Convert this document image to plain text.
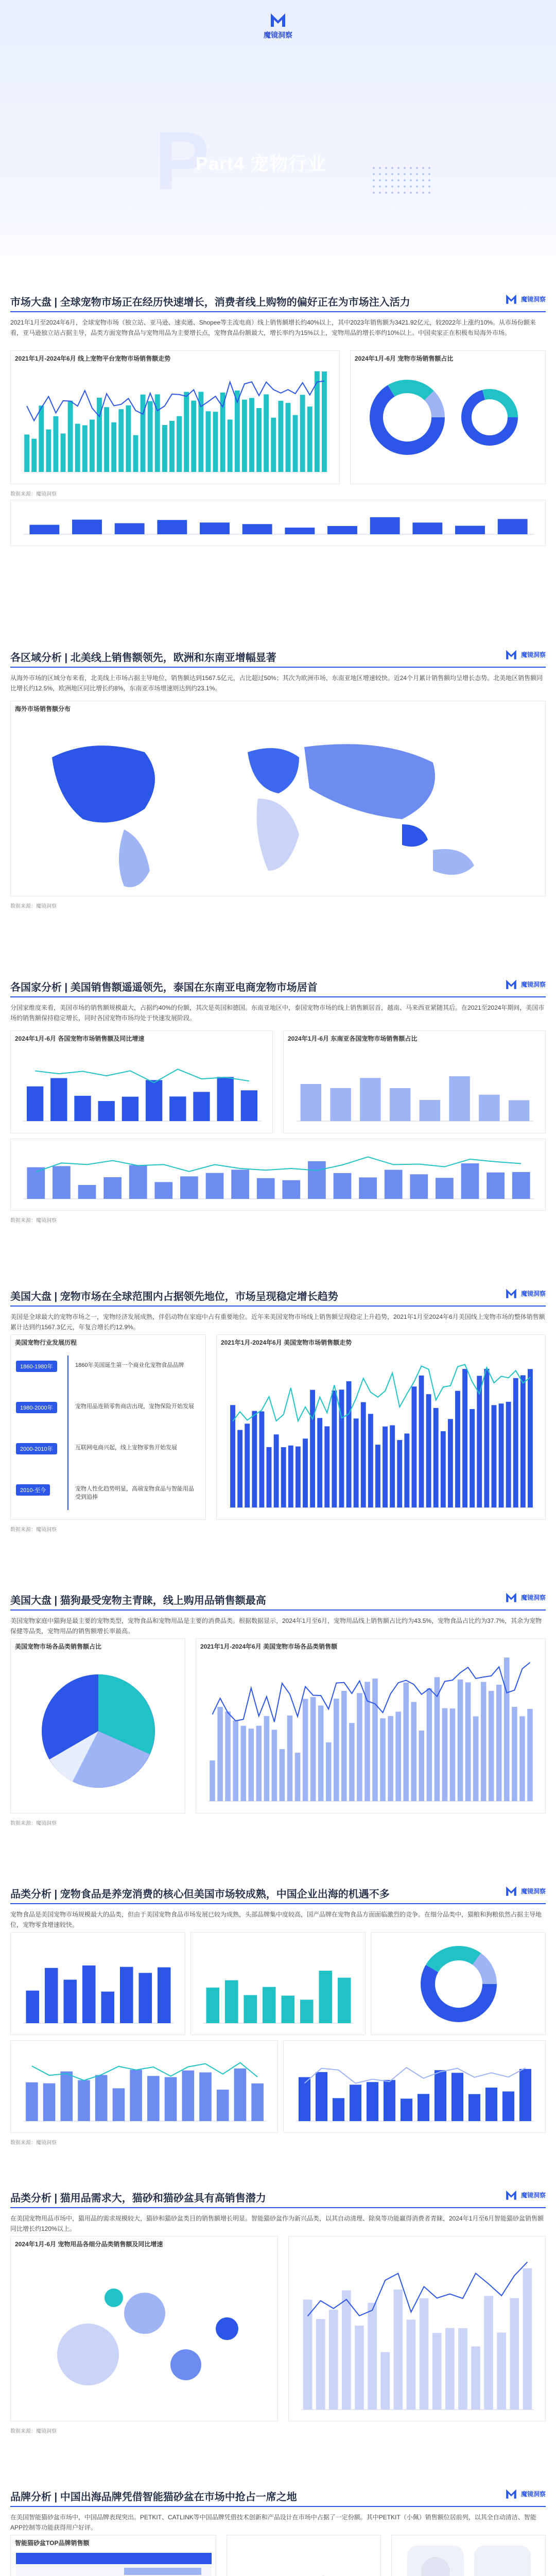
魔镜洞察
P
Part4 宠物行业
市场大盘 | 全球宠物市场正在经历快速增长，消费者线上购物的偏好正在为市场注入活力	魔镜洞察
2021年1月至2024年6月，全球宠物市场（独立站、亚马逊、速卖通、Shopee等主流电商）线上销售额增长约40%以上，其中2023年销售额为3421.92亿元，较2022年上涨约10%。从市场份额来看，亚马逊独立站占据主导，品类方面宠物食品与宠物用品为主要增长点，宠物食品份额最大，增长率约为15%以上，宠物用品的增长率约10%以上。中国卖家正在积极布局海外市场。
2021年1月-2024年6月 线上宠物平台宠物市场销售额走势	2024年1月-6月 宠物市场销售额占比
数据来源：魔镜洞察
各区域分析 | 北美线上销售额领先，欧洲和东南亚增幅显著	魔镜洞察
从海外市场的区域分布来看，北美线上市场占据主导地位，销售额达到1567.5亿元，占比超过50%；其次为欧洲市场，东南亚地区增速较快。近24个月累计销售额均呈增长态势。北美地区销售额同比增长约12.5%，欧洲地区同比增长约8%，东南亚市场增速则达到约23.1%。
海外市场销售额分布
数据来源：魔镜洞察
各国家分析 | 美国销售额遥遥领先，泰国在东南亚电商宠物市场居首	魔镜洞察
分国家维度来看，美国市场的销售额规模最大，占据约40%的份额，其次是英国和德国。东南亚地区中，泰国宠物市场的线上销售额居首，越南、马来西亚紧随其后。在2021至2024年期间，美国市场的销售额保持稳定增长，同时各国宠物市场均处于快速发展阶段。
2024年1月-6月 各国宠物市场销售额及同比增速	2024年1月-6月 东南亚各国宠物市场销售额占比
数据来源：魔镜洞察
美国大盘 | 宠物市场在全球范围内占据领先地位，市场呈现稳定增长趋势	魔镜洞察
美国是全球最大的宠物市场之一，宠物经济发展成熟，伴侣动物在家庭中占有重要地位。近年来美国宠物市场线上销售额呈现稳定上升趋势，2021年1月至2024年6月美国线上宠物市场的整体销售额累计达到约1567.3亿元，年复合增长约12.9%。
美国宠物行业发展历程
1860-1980年	1860年美国诞生第一个商业化宠物食品品牌
1980-2000年	宠物用品连锁零售商店出现，宠物保险开始发展
2000-2010年	互联网电商兴起，线上宠物零售开始发展
2010-至今	宠物人性化趋势明显，高端宠物食品与智能用品受到追捧
2021年1月-2024年6月 美国宠物市场销售额走势
数据来源：魔镜洞察
美国大盘 | 猫狗最受宠物主青睐，线上购用品销售额最高	魔镜洞察
美国宠物家庭中猫狗是最主要的宠物类型，宠物食品和宠物用品是主要的消费品类。根据数据显示，2024年1月至6月，宠物用品线上销售额占比约为43.5%，宠物食品占比约为37.7%，其余为宠物保健等品类，宠物用品的销售额增长率最高。
美国宠物市场各品类销售额占比	2021年1月-2024年6月 美国宠物市场各品类销售额
数据来源：魔镜洞察
品类分析 | 宠物食品是养宠消费的核心但美国市场较成熟，中国企业出海的机遇不多	魔镜洞察
宠物食品是美国宠物市场规模最大的品类，但由于美国宠物食品市场发展已较为成熟，头部品牌集中度较高，国产品牌在宠物食品方面面临激烈的竞争。在细分品类中，猫粮和狗粮依然占据主导地位，宠物零食增速较快。
数据来源：魔镜洞察
品类分析 | 猫用品需求大，猫砂和猫砂盆具有高销售潜力	魔镜洞察
在美国宠物用品市场中，猫用品的需求规模较大，猫砂和猫砂盆类目的销售额增长明显。智能猫砂盆作为新兴品类，以其自动清理、除臭等功能赢得消费者青睐，2024年1月至6月智能猫砂盆销售额同比增长约120%以上。
2024年1月-6月 宠物用品各细分品类销售额及同比增速
数据来源：魔镜洞察
品牌分析 | 中国出海品牌凭借智能猫砂盆在市场中抢占一席之地	魔镜洞察
在美国智能猫砂盆市场中，中国品牌表现突出。PETKIT、CATLINK等中国品牌凭借技术创新和产品设计在市场中占据了一定份额。其中PETKIT（小佩）销售额位居前列，以其全自动清洁、智能APP控制等功能获得用户好评。
智能猫砂盆TOP品牌销售额
